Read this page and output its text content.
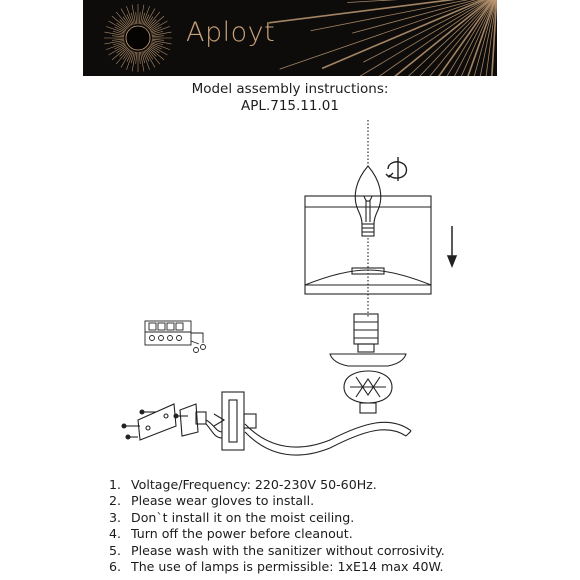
Aployt
Model assembly instructions:
APL.715.11.01
1. Voltage/Frequency: 220-230V 50-60Hz.
2. Please wear gloves to install.
3. Don`t install it on the moist ceiling.
4. Turn off the power before cleanout.
5. Please wash with the sanitizer without corrosivity.
6. The use of lamps is permissible: 1xE14 max 40W.
